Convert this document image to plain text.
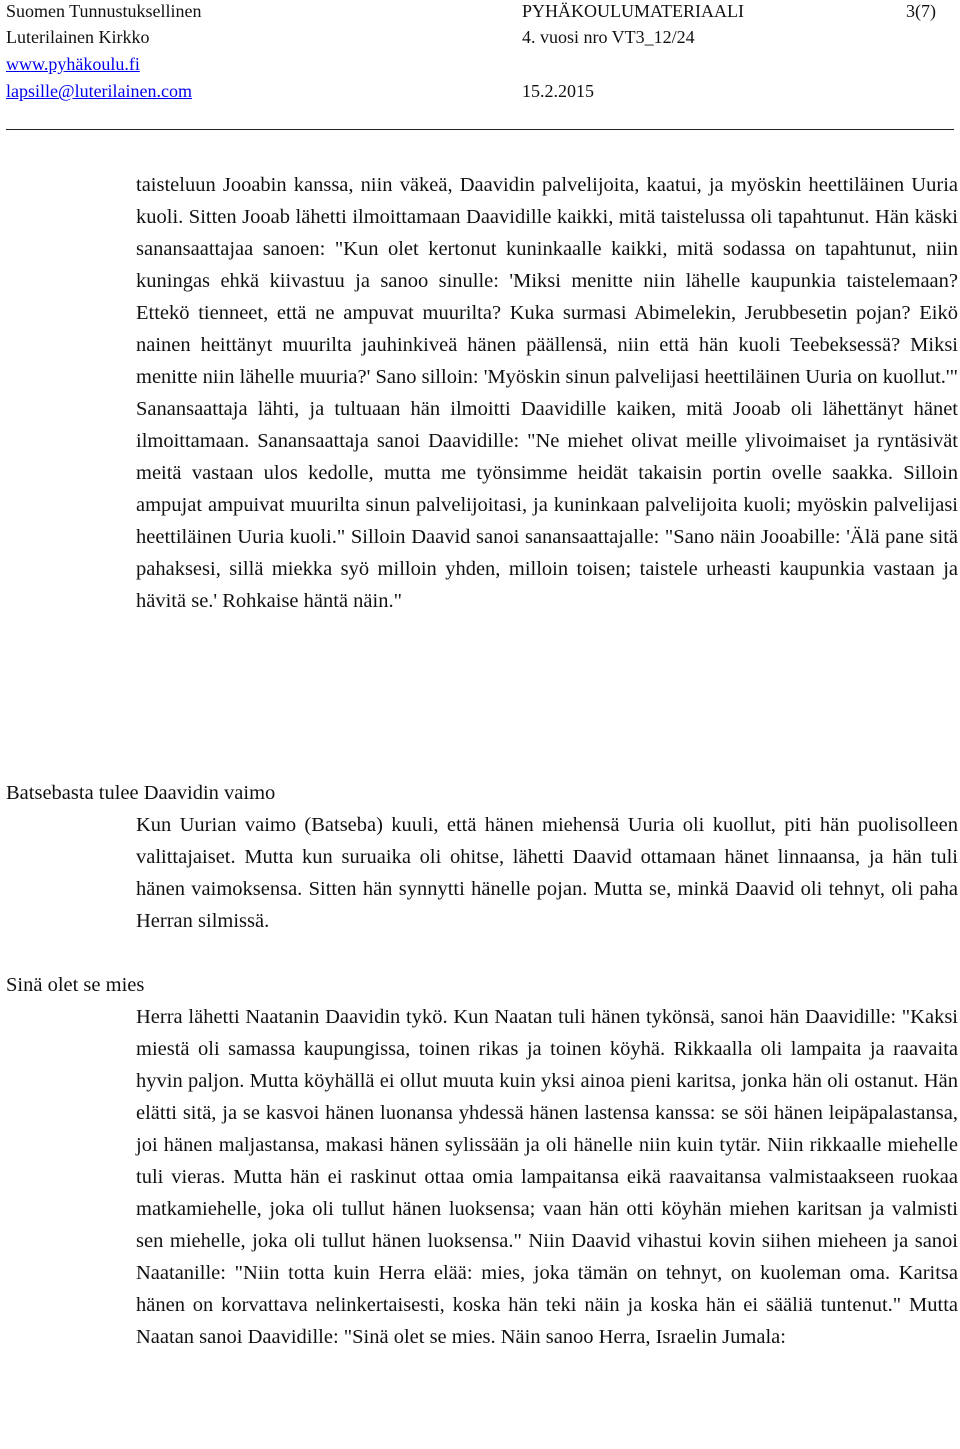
Suomen Tunnustuksellinen
Luterilainen Kirkko
www.pyhäkoulu.fi
lapsille@luterilainen.com
PYHÄKOULUMATERIAALI
4. vuosi nro VT3_12/24
15.2.2015
3(7)

taisteluun Jooabin kanssa, niin väkeä, Daavidin palvelijoita, kaatui, ja myöskin heettiläinen Uuria kuoli. Sitten Jooab lähetti ilmoittamaan Daavidille kaikki, mitä taistelussa oli tapahtunut. Hän käski sanansaattajaa sanoen: "Kun olet kertonut kuninkaalle kaikki, mitä sodassa on tapahtunut, niin kuningas ehkä kiivastuu ja sanoo sinulle: 'Miksi menitte niin lähelle kaupunkia taistelemaan? Ettekö tienneet, että ne ampuvat muurilta? Kuka surmasi Abimelekin, Jerubbesetin pojan? Eikö nainen heittänyt muurilta jauhinkiveä hänen päällensä, niin että hän kuoli Teebeksessä? Miksi menitte niin lähelle muuria?' Sano silloin: 'Myöskin sinun palvelijasi heettiläinen Uuria on kuollut.'" Sanansaattaja lähti, ja tultuaan hän ilmoitti Daavidille kaiken, mitä Jooab oli lähettänyt hänet ilmoittamaan. Sanansaattaja sanoi Daavidille: "Ne miehet olivat meille ylivoimaiset ja ryntäsivät meitä vastaan ulos kedolle, mutta me työnsimme heidät takaisin portin ovelle saakka. Silloin ampujat ampuivat muurilta sinun palvelijoitasi, ja kuninkaan palvelijoita kuoli; myöskin palvelijasi heettiläinen Uuria kuoli." Silloin Daavid sanoi sanansaattajalle: "Sano näin Jooabille: 'Älä pane sitä pahaksesi, sillä miekka syö milloin yhden, milloin toisen; taistele urheasti kaupunkia vastaan ja hävitä se.' Rohkaise häntä näin."

Batsebasta tulee Daavidin vaimo

Kun Uurian vaimo (Batseba) kuuli, että hänen miehensä Uuria oli kuollut, piti hän puolisolleen valittajaiset. Mutta kun suruaika oli ohitse, lähetti Daavid ottamaan hänet linnaansa, ja hän tuli hänen vaimoksensa. Sitten hän synnytti hänelle pojan. Mutta se, minkä Daavid oli tehnyt, oli paha Herran silmissä.

Sinä olet se mies

Herra lähetti Naatanin Daavidin tykö. Kun Naatan tuli hänen tykönsä, sanoi hän Daavidille: "Kaksi miestä oli samassa kaupungissa, toinen rikas ja toinen köyhä. Rikkaalla oli lampaita ja raavaita hyvin paljon. Mutta köyhällä ei ollut muuta kuin yksi ainoa pieni karitsa, jonka hän oli ostanut. Hän elätti sitä, ja se kasvoi hänen luonansa yhdessä hänen lastensa kanssa: se söi hänen leipäpalastansa, joi hänen maljastansa, makasi hänen sylissään ja oli hänelle niin kuin tytär. Niin rikkaalle miehelle tuli vieras. Mutta hän ei raskinut ottaa omia lampaitansa eikä raavaitansa valmistaakseen ruokaa matkamiehelle, joka oli tullut hänen luoksensa; vaan hän otti köyhän miehen karitsan ja valmisti sen miehelle, joka oli tullut hänen luoksensa." Niin Daavid vihastui kovin siihen mieheen ja sanoi Naatanille: "Niin totta kuin Herra elää: mies, joka tämän on tehnyt, on kuoleman oma. Karitsa hänen on korvattava nelinkertaisesti, koska hän teki näin ja koska hän ei sääliä tuntenut." Mutta Naatan sanoi Daavidille: "Sinä olet se mies. Näin sanoo Herra, Israelin Jumala:
